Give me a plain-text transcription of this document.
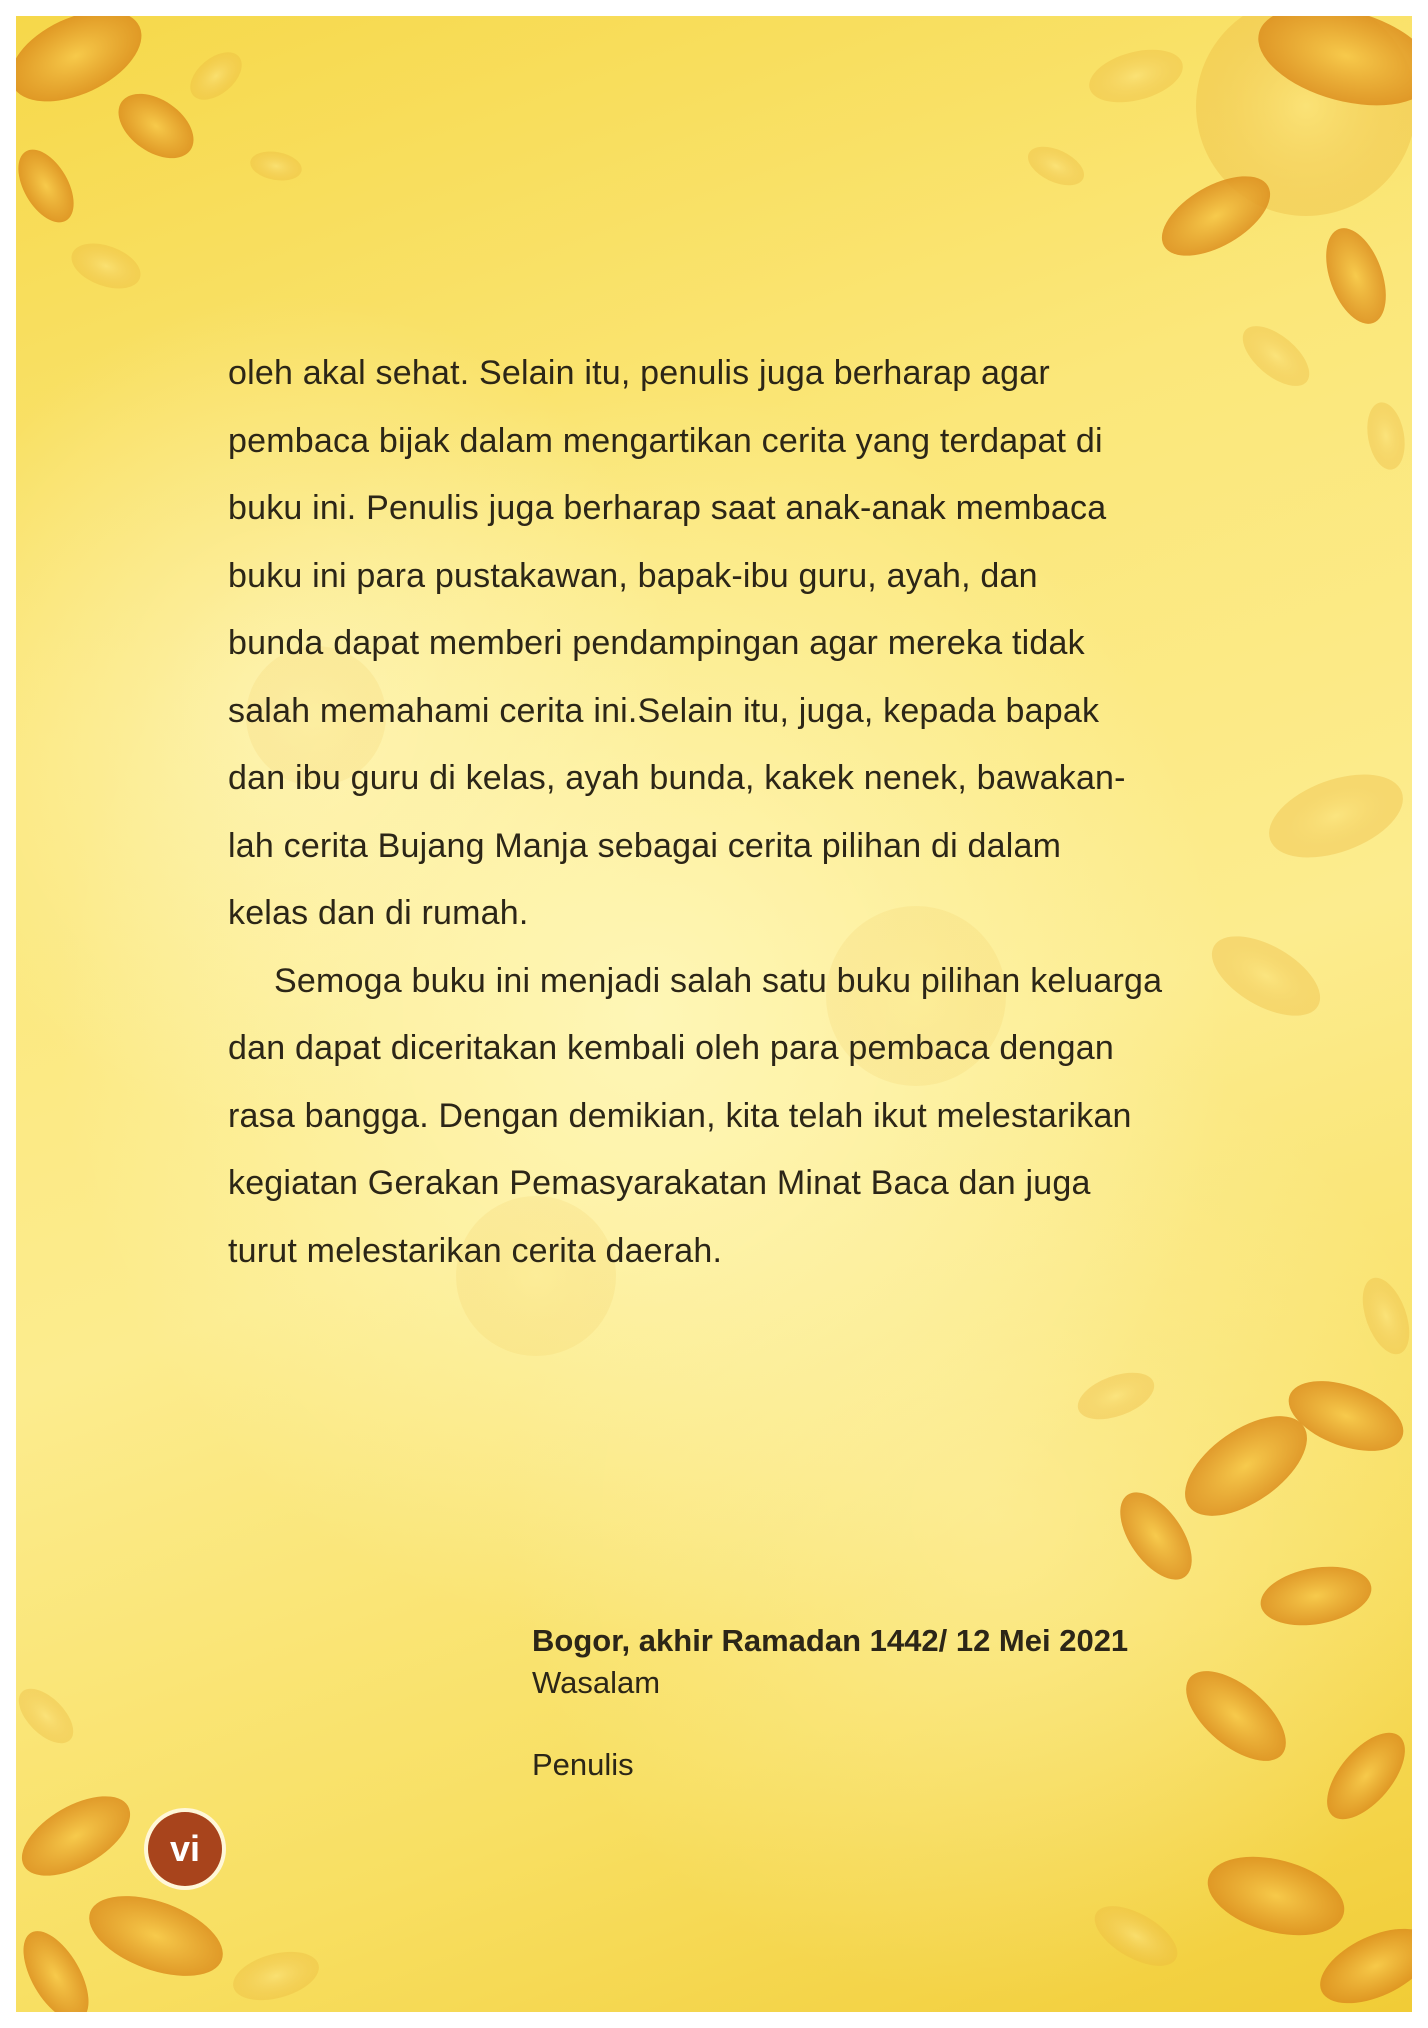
oleh akal sehat. Selain itu, penulis juga berharap agar
pembaca bijak dalam mengartikan cerita yang terdapat di
buku ini. Penulis juga berharap saat anak-anak membaca
buku ini para pustakawan, bapak-ibu guru, ayah, dan
bunda dapat memberi pendampingan agar mereka tidak
salah memahami cerita ini.Selain itu, juga, kepada bapak
dan ibu guru di kelas, ayah bunda, kakek nenek, bawakan-
lah cerita Bujang Manja sebagai cerita pilihan di dalam
kelas dan di rumah.
Semoga buku ini menjadi salah satu buku pilihan keluarga
dan dapat diceritakan kembali oleh para pembaca dengan
rasa bangga. Dengan demikian, kita telah ikut melestarikan
kegiatan Gerakan Pemasyarakatan Minat Baca dan juga
turut melestarikan cerita daerah.
Bogor, akhir Ramadan 1442/ 12 Mei 2021
Wasalam
Penulis
vi
